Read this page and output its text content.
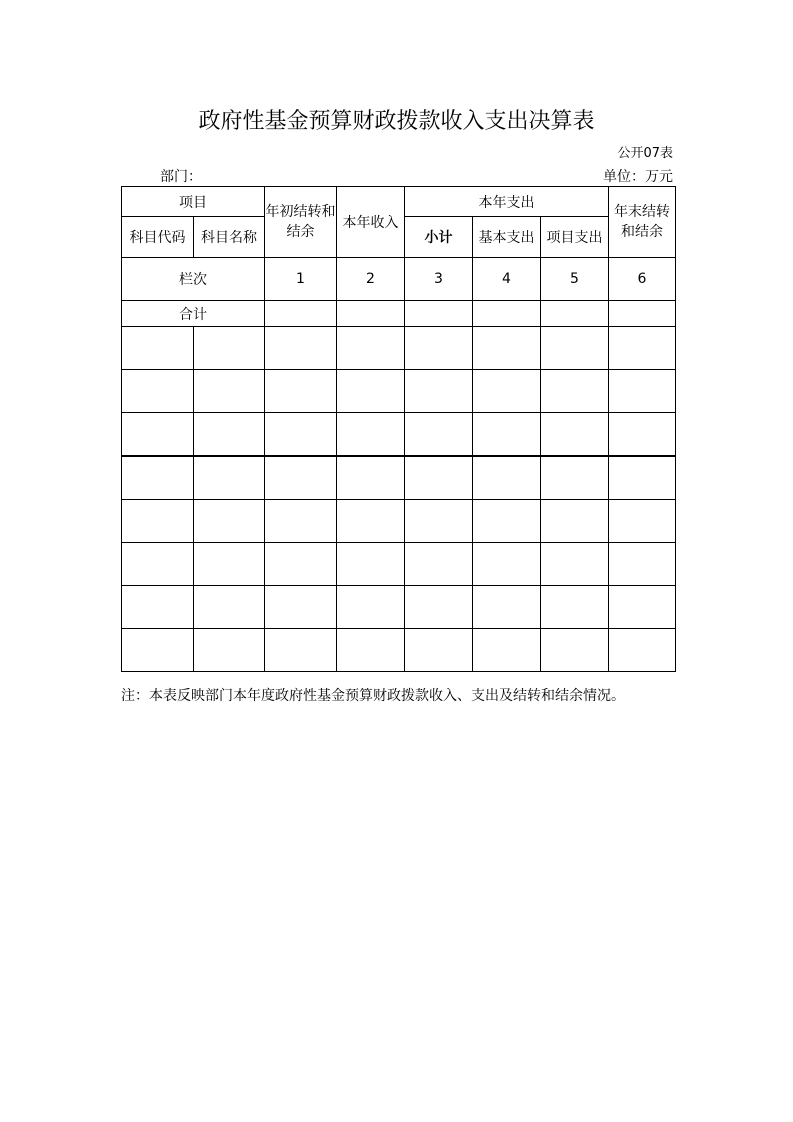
政府性基金预算财政拨款收入支出决算表
公开07表
部门：	单位：万元
项目		年初结转和结余	本年收入	本年支出			年末结转和结余
科目代码	科目名称			小计	基本支出	项目支出	
栏次		1	2	3	4	5	6
合计							

注：本表反映部门本年度政府性基金预算财政拨款收入、支出及结转和结余情况。
